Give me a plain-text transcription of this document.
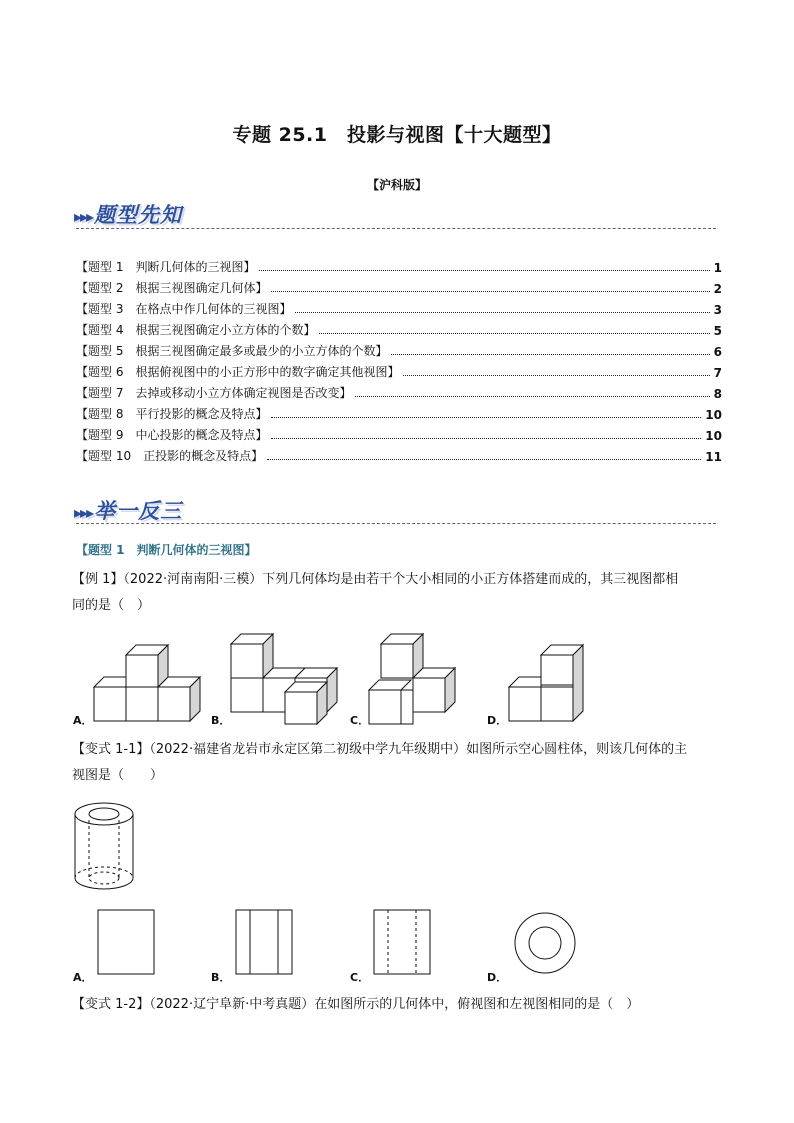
专题 25.1　投影与视图【十大题型】
【沪科版】
▸▸▸题型先知
【题型 1　判断几何体的三视图】	1
【题型 2　根据三视图确定几何体】	2
【题型 3　在格点中作几何体的三视图】	3
【题型 4　根据三视图确定小立方体的个数】	5
【题型 5　根据三视图确定最多或最少的小立方体的个数】	6
【题型 6　根据俯视图中的小正方形中的数字确定其他视图】	7
【题型 7　去掉或移动小立方体确定视图是否改变】	8
【题型 8　平行投影的概念及特点】	10
【题型 9　中心投影的概念及特点】	10
【题型 10　正投影的概念及特点】	11
▸▸▸举一反三
【题型 1　判断几何体的三视图】
【例 1】（2022·河南南阳·三模）下列几何体均是由若干个大小相同的小正方体搭建而成的，其三视图都相
同的是（　）
A．	B．	C．	D．
【变式 1-1】（2022·福建省龙岩市永定区第二初级中学九年级期中）如图所示空心圆柱体，则该几何体的主
视图是（　　）
A．	B．	C．	D．
【变式 1-2】（2022·辽宁阜新·中考真题）在如图所示的几何体中，俯视图和左视图相同的是（　）
